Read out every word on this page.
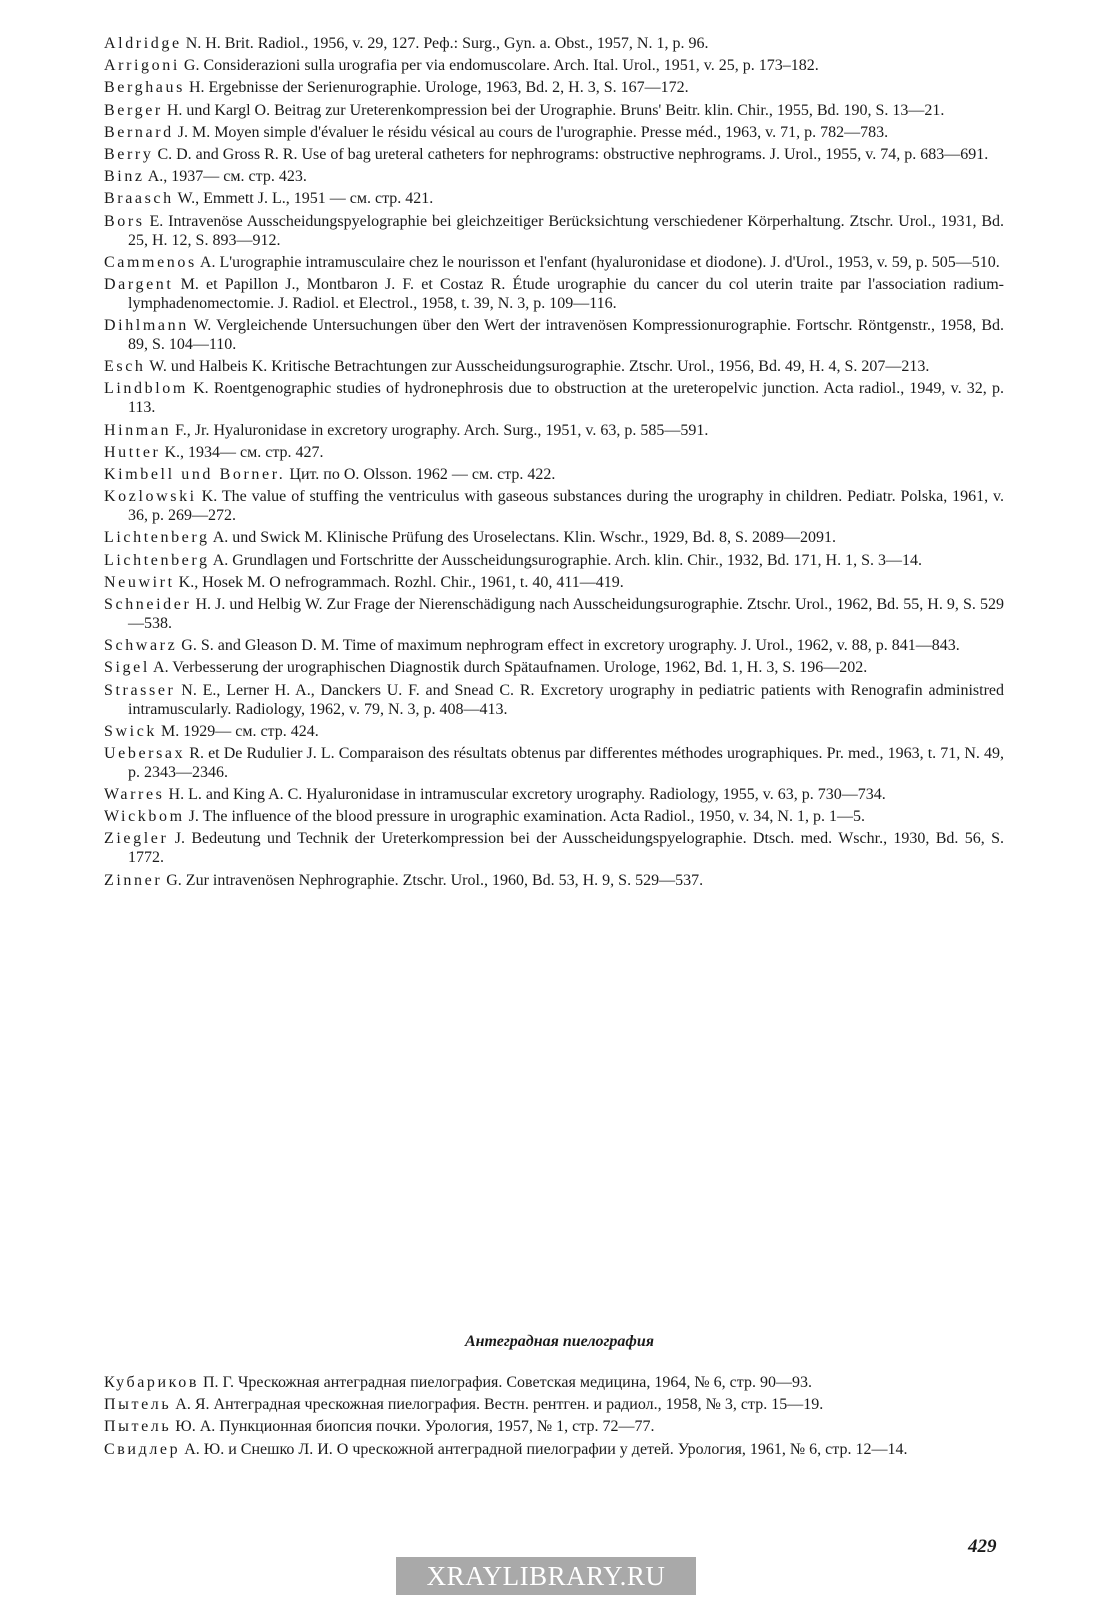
Aldridge N. H. Brit. Radiol., 1956, v. 29, 127. Реф.: Surg., Gyn. a. Obst., 1957, N. 1, p. 96.

Arrigoni G. Considerazioni sulla urografia per via endomuscolare. Arch. Ital. Urol., 1951, v. 25, p. 173–182.

Berghaus H. Ergebnisse der Serienurographie. Urologe, 1963, Bd. 2, H. 3, S. 167—172.

Berger H. und Kargl O. Beitrag zur Ureterenkompression bei der Urographie. Bruns' Beitr. klin. Chir., 1955, Bd. 190, S. 13—21.

Bernard J. M. Moyen simple d'évaluer le résidu vésical au cours de l'urographie. Presse méd., 1963, v. 71, p. 782—783.

Berry C. D. and Gross R. R. Use of bag ureteral catheters for nephrograms: obstructive nephrograms. J. Urol., 1955, v. 74, p. 683—691.

Binz A., 1937— см. стр. 423.

Braasch W., Emmett J. L., 1951 — см. стр. 421.

Bors E. Intravenöse Ausscheidungspyelographie bei gleichzeitiger Berücksichtung verschiedener Körperhaltung. Ztschr. Urol., 1931, Bd. 25, H. 12, S. 893—912.

Cammenos A. L'urographie intramusculaire chez le nourisson et l'enfant (hyaluronidase et diodone). J. d'Urol., 1953, v. 59, p. 505—510.

Dargent M. et Papillon J., Montbaron J. F. et Costaz R. Étude urographie du cancer du col uterin traite par l'association radium-lymphadenomectomie. J. Radiol. et Electrol., 1958, t. 39, N. 3, p. 109—116.

Dihlmann W. Vergleichende Untersuchungen über den Wert der intravenösen Kompressionurographie. Fortschr. Röntgenstr., 1958, Bd. 89, S. 104—110.

Esch W. und Halbeis K. Kritische Betrachtungen zur Ausscheidungsurographie. Ztschr. Urol., 1956, Bd. 49, H. 4, S. 207—213.

Lindblom K. Roentgenographic studies of hydronephrosis due to obstruction at the ureteropelvic junction. Acta radiol., 1949, v. 32, p. 113.

Hinman F., Jr. Hyaluronidase in excretory urography. Arch. Surg., 1951, v. 63, p. 585—591.

Hutter K., 1934— см. стр. 427.

Kimbell und Borner. Цит. по O. Olsson. 1962 — см. стр. 422.

Kozlowski K. The value of stuffing the ventriculus with gaseous substances during the urography in children. Pediatr. Polska, 1961, v. 36, p. 269—272.

Lichtenberg A. und Swick M. Klinische Prüfung des Uroselectans. Klin. Wschr., 1929, Bd. 8, S. 2089—2091.

Lichtenberg A. Grundlagen und Fortschritte der Ausscheidungsurographie. Arch. klin. Chir., 1932, Bd. 171, H. 1, S. 3—14.

Neuwirt K., Hosek M. O nefrogrammach. Rozhl. Chir., 1961, t. 40, 411—419.

Schneider H. J. und Helbig W. Zur Frage der Nierenschädigung nach Ausscheidungsurographie. Ztschr. Urol., 1962, Bd. 55, H. 9, S. 529—538.

Schwarz G. S. and Gleason D. M. Time of maximum nephrogram effect in excretory urography. J. Urol., 1962, v. 88, p. 841—843.

Sigel A. Verbesserung der urographischen Diagnostik durch Spätaufnamen. Urologe, 1962, Bd. 1, H. 3, S. 196—202.

Strasser N. E., Lerner H. A., Danckers U. F. and Snead C. R. Excretory urography in pediatric patients with Renografin administred intramuscularly. Radiology, 1962, v. 79, N. 3, p. 408—413.

Swick M. 1929— см. стр. 424.

Uebersax R. et De Rudulier J. L. Comparaison des résultats obtenus par differentes méthodes urographiques. Pr. med., 1963, t. 71, N. 49, p. 2343—2346.

Warres H. L. and King A. C. Hyaluronidase in intramuscular excretory urography. Radiology, 1955, v. 63, p. 730—734.

Wickbom J. The influence of the blood pressure in urographic examination. Acta Radiol., 1950, v. 34, N. 1, p. 1—5.

Ziegler J. Bedeutung und Technik der Ureterkompression bei der Ausscheidungspyelographie. Dtsch. med. Wschr., 1930, Bd. 56, S. 1772.

Zinner G. Zur intravenösen Nephrographie. Ztschr. Urol., 1960, Bd. 53, H. 9, S. 529—537.

Антеградная пиелография

Кубариков П. Г. Чрескожная антеградная пиелография. Советская медицина, 1964, № 6, стр. 90—93.

Пытель А. Я. Антеградная чрескожная пиелография. Вестн. рентген. и радиол., 1958, № 3, стр. 15—19.

Пытель Ю. А. Пункционная биопсия почки. Урология, 1957, № 1, стр. 72—77.

Свидлер А. Ю. и Снешко Л. И. О чрескожной антеградной пиелографии у детей. Урология, 1961, № 6, стр. 12—14.

429
XRAYLIBRARY.RU
